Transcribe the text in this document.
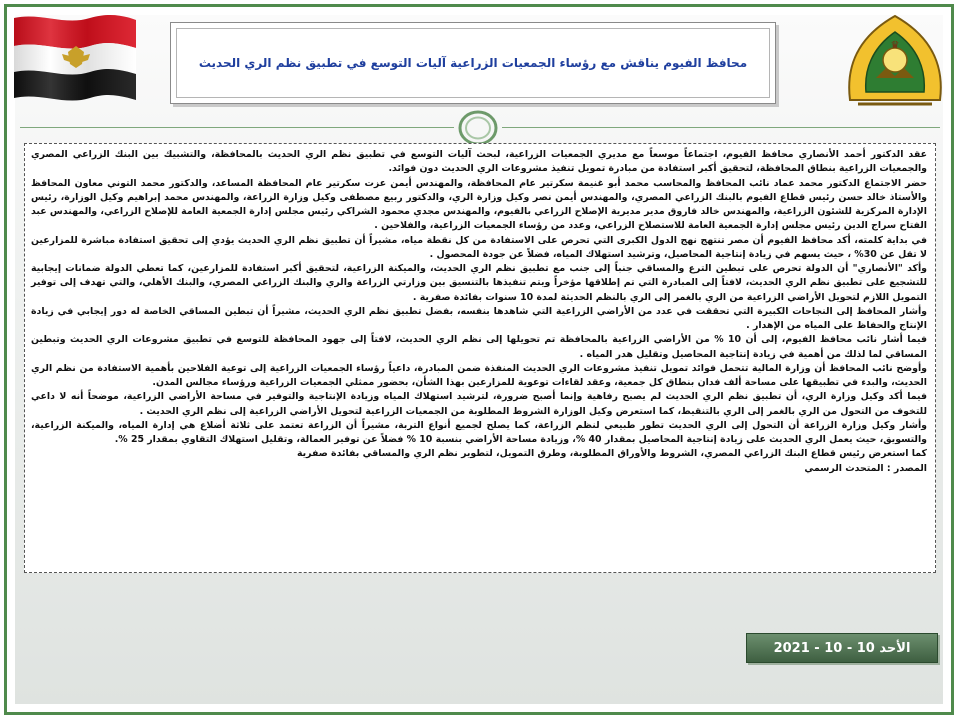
♛
محافظ الفيوم يناقش مع رؤساء الجمعيات الزراعية آليات التوسع في تطبيق نظم الري الحديث

عقد الدكتور أحمد الأنصاري محافظ الفيوم، اجتماعاً موسعاً مع مديري الجمعيات الزراعية، لبحث آليات التوسع في تطبيق نظم الري الحديث بالمحافظة، والتشبيك بين البنك الزراعي المصري والجمعيات الزراعية بنطاق المحافظة، لتحقيق أكبر استفادة من مبادرة تمويل تنفيذ مشروعات الري الحديث دون فوائد.

حضر الاجتماع الدكتور محمد عماد نائب المحافظ والمحاسب محمد أبو غنيمة سكرتير عام المحافظة، والمهندس أيمن عزت سكرتير عام المحافظة المساعد، والدكتور محمد التوني معاون المحافظ والأستاذ خالد حسن رئيس قطاع الفيوم بالبنك الزراعي المصري، والمهندس أيمن نصر وكيل وزارة الري، والدكتور ربيع مصطفى وكيل وزارة الزراعة، والمهندس محمد إبراهيم وكيل الوزارة، رئيس الإدارة المركزية للشئون الزراعية، والمهندس خالد فاروق مدير مديرية الإصلاح الزراعي بالفيوم، والمهندس مجدي محمود الشراكي رئيس مجلس إدارة الجمعية العامة للإصلاح الزراعي، والمهندس عبد الفتاح سراج الدين رئيس مجلس إدارة الجمعية العامة للاستصلاح الزراعي، وعدد من رؤساء الجمعيات الزراعية، والفلاحين .

في بداية كلمته، أكد محافظ الفيوم أن مصر تنتهج نهج الدول الكبرى التي تحرص على الاستفادة من كل نقطة مياه، مشيراً أن تطبيق نظم الري الحديث يؤدي إلى تحقيق استفادة مباشرة للمزارعين لا تقل عن 30% ، حيث يسهم في زيادة إنتاجية المحاصيل، وترشيد استهلاك المياه، فضلاً عن جودة المحصول .

وأكد "الأنصاري" أن الدولة تحرص على تبطين الترع والمساقي جنباً إلى جنب مع تطبيق نظم الري الحديث، والميكنة الزراعية، لتحقيق أكبر استفادة للمزارعين، كما تعطي الدولة ضمانات إيجابية للتشجيع على تطبيق نظم الري الحديث، لافتاً إلى المبادرة التي تم إطلاقها مؤخراً ويتم تنفيذها بالتنسيق بين وزارتي الزراعة والري والبنك الزراعي المصري، والبنك الأهلي، والتي تهدف إلى توفير التمويل اللازم لتحويل الأراضي الزراعية من الري بالغمر إلى الري بالنظم الحديثة لمدة 10 سنوات بفائدة صفرية .

وأشار المحافظ إلى النجاحات الكبيرة التي تحققت في عدد من الأراضي الزراعية التي شاهدها بنفسه، بفضل تطبيق نظم الري الحديث، مشيراً أن تبطين المساقي الخاصة له دور إيجابي في زيادة الإنتاج والحفاظ على المياه من الإهدار .

فيما أشار نائب محافظ الفيوم، إلى أن 10 % من الأراضي الزراعية بالمحافظة تم تحويلها إلى نظم الري الحديث، لافتاً إلى جهود المحافظة للتوسع في تطبيق مشروعات الري الحديث وتبطين المساقي لما لذلك من أهمية في زيادة إنتاجية المحاصيل وتقليل هدر المياه .

وأوضح نائب المحافظ أن وزارة المالية تتحمل فوائد تمويل تنفيذ مشروعات الري الحديث المنفذة ضمن المبادرة، داعياً رؤساء الجمعيات الزراعية إلى توعية الفلاحين بأهمية الاستفادة من نظم الري الحديث، والبدء في تطبيقها على مساحة ألف فدان بنطاق كل جمعية، وعقد لقاءات توعوية للمزارعين بهذا الشأن، بحضور ممثلي الجمعيات الزراعية ورؤساء مجالس المدن.

فيما أكد وكيل وزارة الري، أن تطبيق نظم الري الحديث لم يصبح رفاهية وإنما أصبح ضرورة، لترشيد استهلاك المياه وزيادة الإنتاجية والتوفير في مساحة الأراضي الزراعية، موضحاً أنه لا داعي للتخوف من التحول من الري بالغمر إلى الري بالتنقيط، كما استعرض وكيل الوزارة الشروط المطلوبة من الجمعيات الزراعية لتحويل الأراضي الزراعية إلى نظم الري الحديث .

وأشار وكيل وزارة الزراعة أن التحول إلى الري الحديث تطور طبيعي لنظم الزراعة، كما يصلح لجميع أنواع التربة، مشيراً أن الزراعة تعتمد على ثلاثة أضلاع هي إدارة المياه، والميكنة الزراعية، والتسويق، حيث يعمل الري الحديث على زيادة إنتاجية المحاصيل بمقدار 40 %، وزيادة مساحة الأراضي بنسبة 10 % فضلاً عن توفير العمالة، وتقليل استهلاك التقاوي بمقدار 25 %.

كما استعرض رئيس قطاع البنك الزراعي المصري، الشروط والأوراق المطلوبة، وطرق التمويل، لتطوير نظم الري والمساقي بفائدة صفرية

المصدر : المتحدث الرسمي

الأحد 10 - 10 - 2021
